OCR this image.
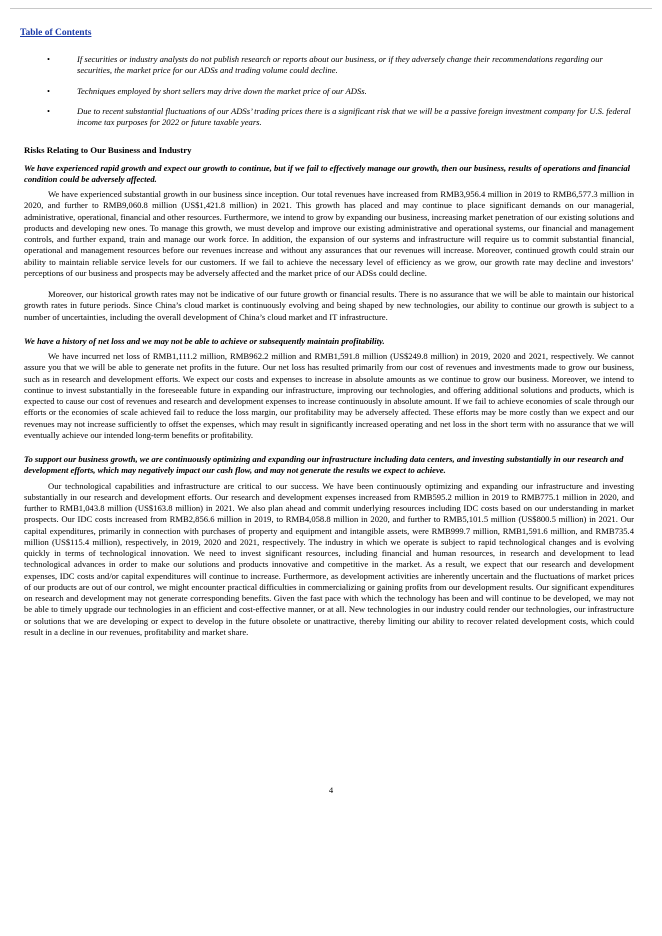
Table of Contents
•	If securities or industry analysts do not publish research or reports about our business, or if they adversely change their recommendations regarding our securities, the market price for our ADSs and trading volume could decline.
•	Techniques employed by short sellers may drive down the market price of our ADSs.
•	Due to recent substantial fluctuations of our ADSs’ trading prices there is a significant risk that we will be a passive foreign investment company for U.S. federal income tax purposes for 2022 or future taxable years.
Risks Relating to Our Business and Industry
We have experienced rapid growth and expect our growth to continue, but if we fail to effectively manage our growth, then our business, results of operations and financial condition could be adversely affected.

We have experienced substantial growth in our business since inception. Our total revenues have increased from RMB3,956.4 million in 2019 to RMB6,577.3 million in 2020, and further to RMB9,060.8 million (US$1,421.8 million) in 2021. This growth has placed and may continue to place significant demands on our managerial, administrative, operational, financial and other resources. Furthermore, we intend to grow by expanding our business, increasing market penetration of our existing solutions and products and developing new ones. To manage this growth, we must develop and improve our existing administrative and operational systems, our financial and management controls, and further expand, train and manage our work force. In addition, the expansion of our systems and infrastructure will require us to commit substantial financial, operational and management resources before our revenues increase and without any assurances that our revenues will increase. Moreover, continued growth could strain our ability to maintain reliable service levels for our customers. If we fail to achieve the necessary level of efficiency as we grow, our growth rate may decline and investors’ perceptions of our business and prospects may be adversely affected and the market price of our ADSs could decline.

Moreover, our historical growth rates may not be indicative of our future growth or financial results. There is no assurance that we will be able to maintain our historical growth rates in future periods. Since China’s cloud market is continuously evolving and being shaped by new technologies, our ability to continue our growth is subject to a number of uncertainties, including the overall development of China’s cloud market and IT infrastructure.

We have a history of net loss and we may not be able to achieve or subsequently maintain profitability.

We have incurred net loss of RMB1,111.2 million, RMB962.2 million and RMB1,591.8 million (US$249.8 million) in 2019, 2020 and 2021, respectively. We cannot assure you that we will be able to generate net profits in the future. Our net loss has resulted primarily from our cost of revenues and investments made to grow our business, such as in research and development efforts. We expect our costs and expenses to increase in absolute amounts as we continue to grow our business. Moreover, we intend to continue to invest substantially in the foreseeable future in expanding our infrastructure, improving our technologies, and offering additional solutions and products, which is expected to cause our cost of revenues and research and development expenses to increase continuously in absolute amount. If we fail to achieve economies of scale through our efforts or the economies of scale achieved fail to reduce the loss margin, our profitability may be adversely affected. These efforts may be more costly than we expect and our revenues may not increase sufficiently to offset the expenses, which may result in significantly increased operating and net loss in the short term with no assurance that we will eventually achieve our intended long-term benefits or profitability.

To support our business growth, we are continuously optimizing and expanding our infrastructure including data centers, and investing substantially in our research and development efforts, which may negatively impact our cash flow, and may not generate the results we expect to achieve.

Our technological capabilities and infrastructure are critical to our success. We have been continuously optimizing and expanding our infrastructure and investing substantially in our research and development efforts. Our research and development expenses increased from RMB595.2 million in 2019 to RMB775.1 million in 2020, and further to RMB1,043.8 million (US$163.8 million) in 2021. We also plan ahead and commit underlying resources including IDC costs based on our understanding in market prospects. Our IDC costs increased from RMB2,856.6 million in 2019, to RMB4,058.8 million in 2020, and further to RMB5,101.5 million (US$800.5 million) in 2021. Our capital expenditures, primarily in connection with purchases of property and equipment and intangible assets, were RMB999.7 million, RMB1,591.6 million, and RMB735.4 million (US$115.4 million), respectively, in 2019, 2020 and 2021, respectively. The industry in which we operate is subject to rapid technological changes and is evolving quickly in terms of technological innovation. We need to invest significant resources, including financial and human resources, in research and development to lead technological advances in order to make our solutions and products innovative and competitive in the market. As a result, we expect that our research and development expenses, IDC costs and/or capital expenditures will continue to increase. Furthermore, as development activities are inherently uncertain and the fluctuations of market prices of our products are out of our control, we might encounter practical difficulties in commercializing or gaining profits from our development results. Our significant expenditures on research and development may not generate corresponding benefits. Given the fast pace with which the technology has been and will continue to be developed, we may not be able to timely upgrade our technologies in an efficient and cost-effective manner, or at all. New technologies in our industry could render our technologies, our infrastructure or solutions that we are developing or expect to develop in the future obsolete or unattractive, thereby limiting our ability to recover related development costs, which could result in a decline in our revenues, profitability and market share.

4
